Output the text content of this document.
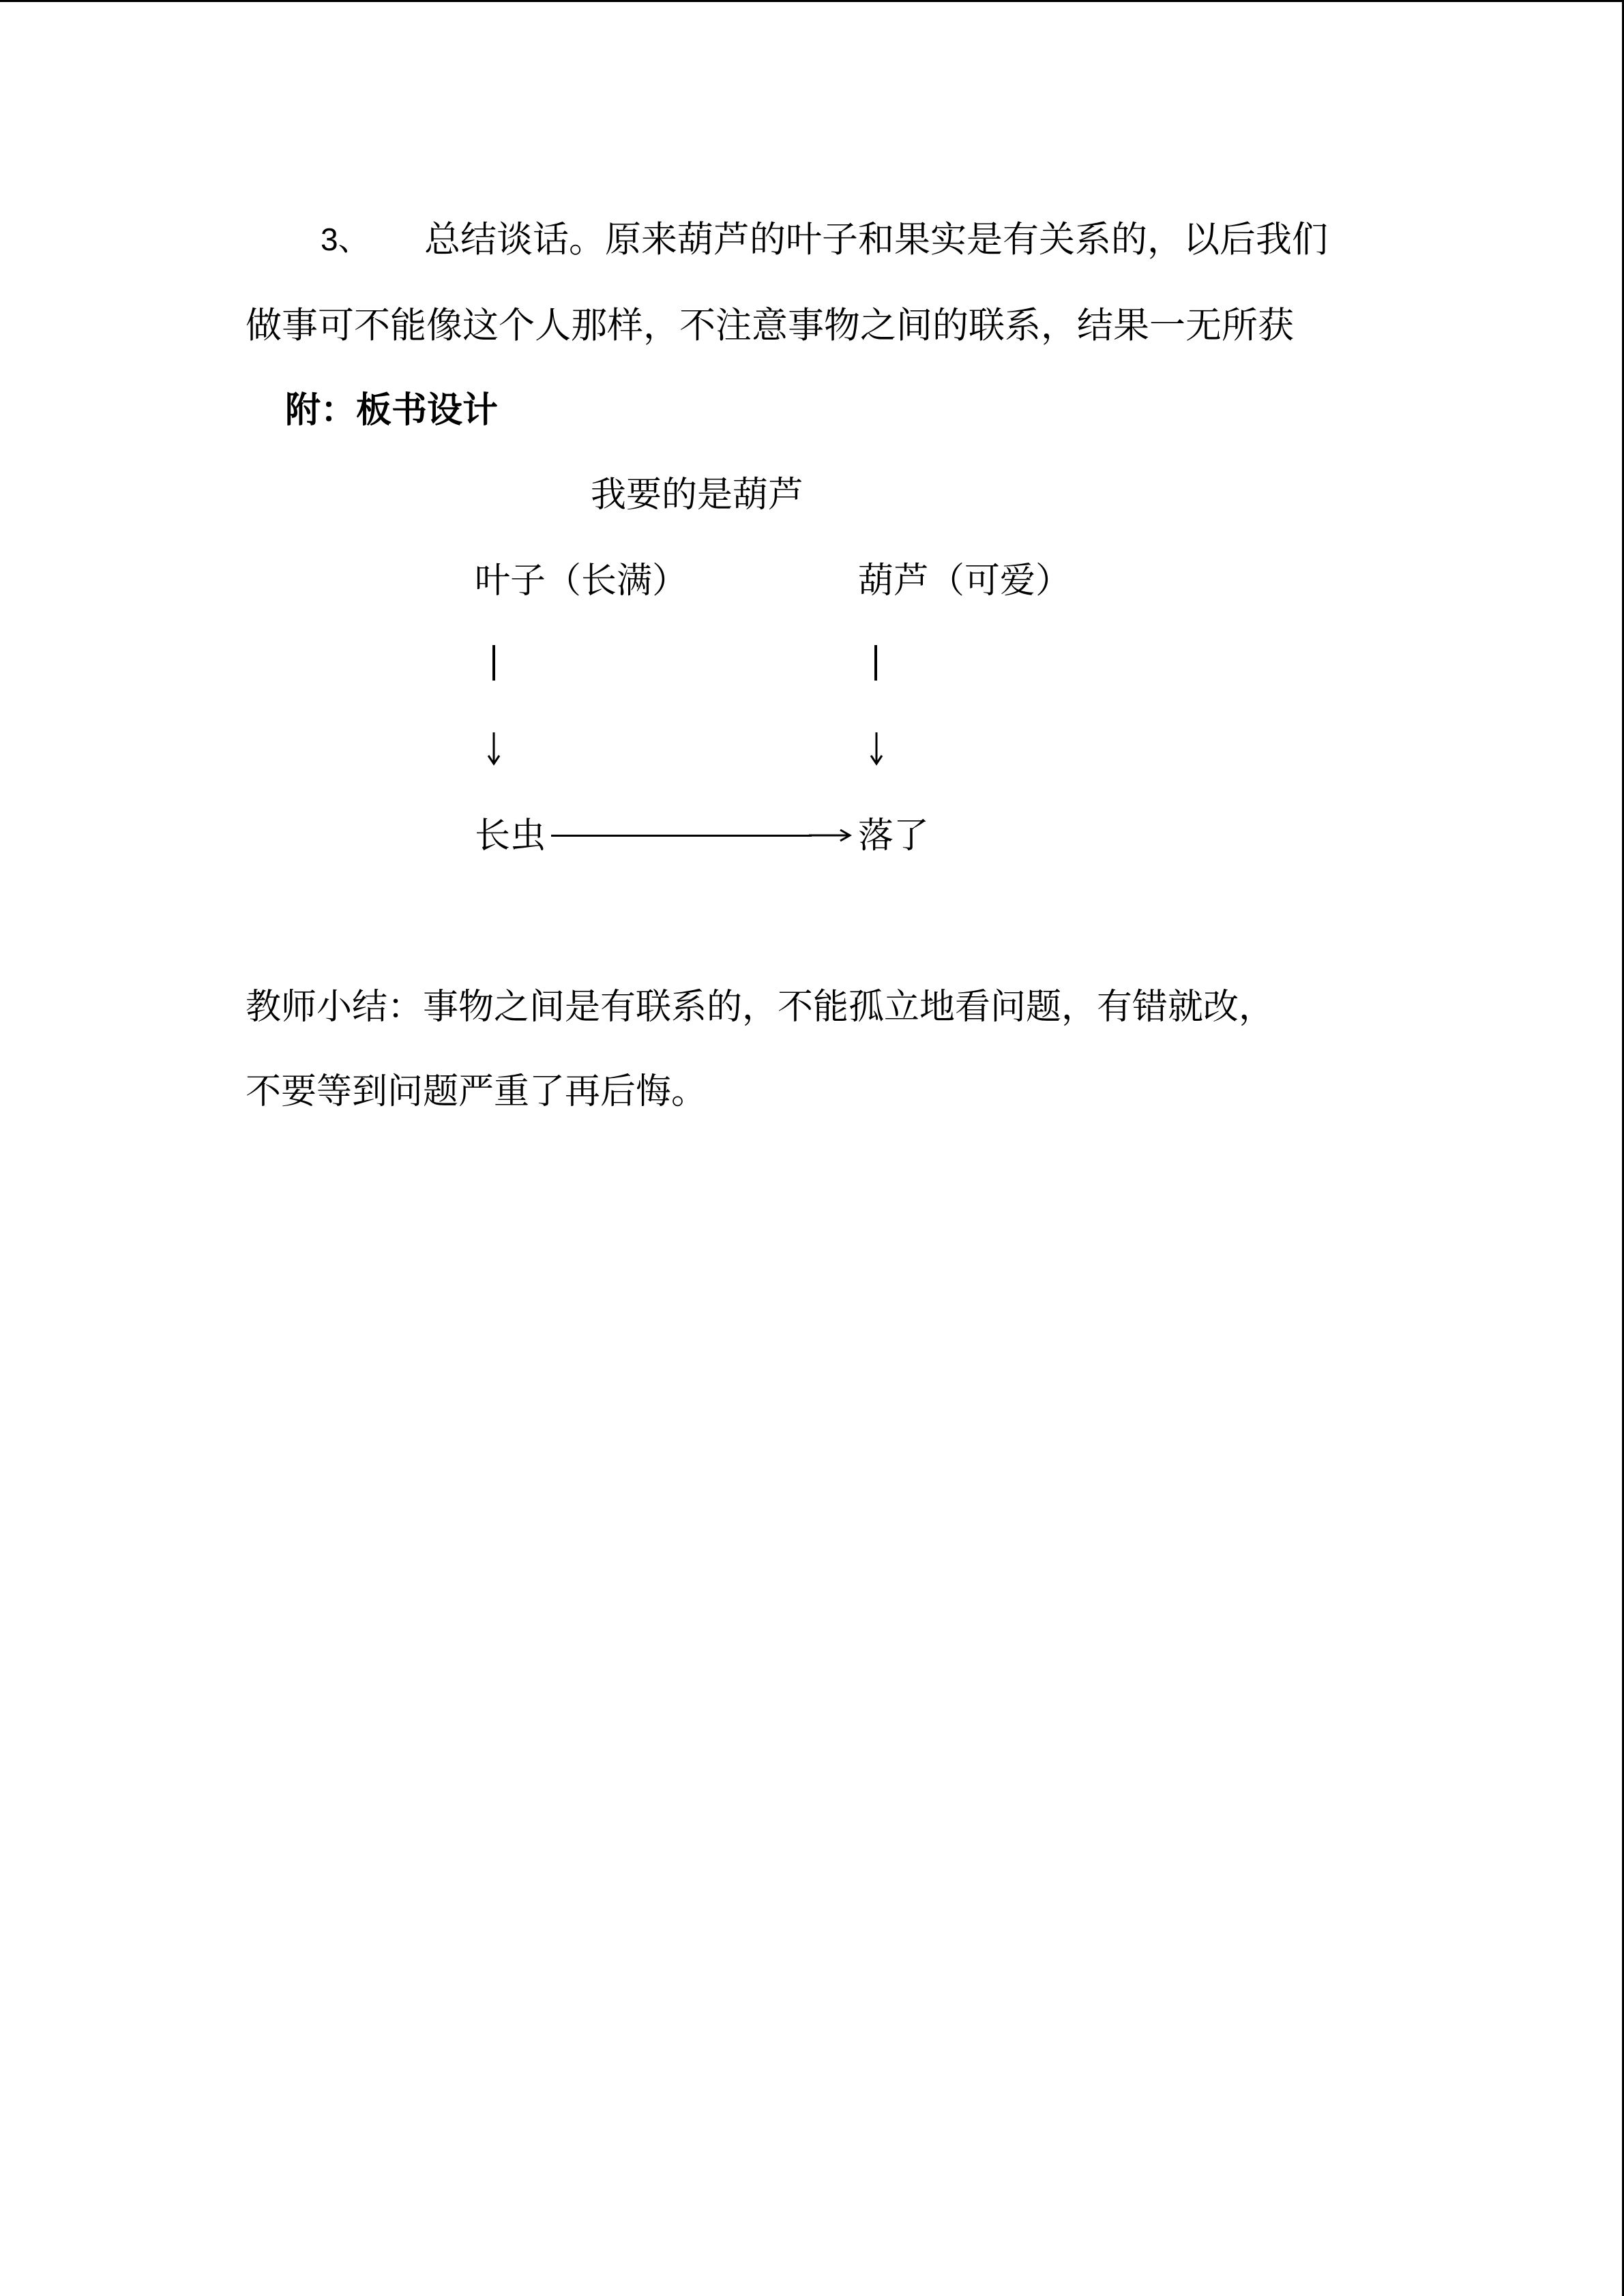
3、 总结谈话。原来葫芦的叶子和果实是有关系的，以后我们
做事可不能像这个人那样，不注意事物之间的联系，结果一无所获
附：板书设计
我要的是葫芦
叶子（长满）	葫芦（可爱）
长虫	落了
教师小结：事物之间是有联系的，不能孤立地看问题，有错就改，
不要等到问题严重了再后悔。
